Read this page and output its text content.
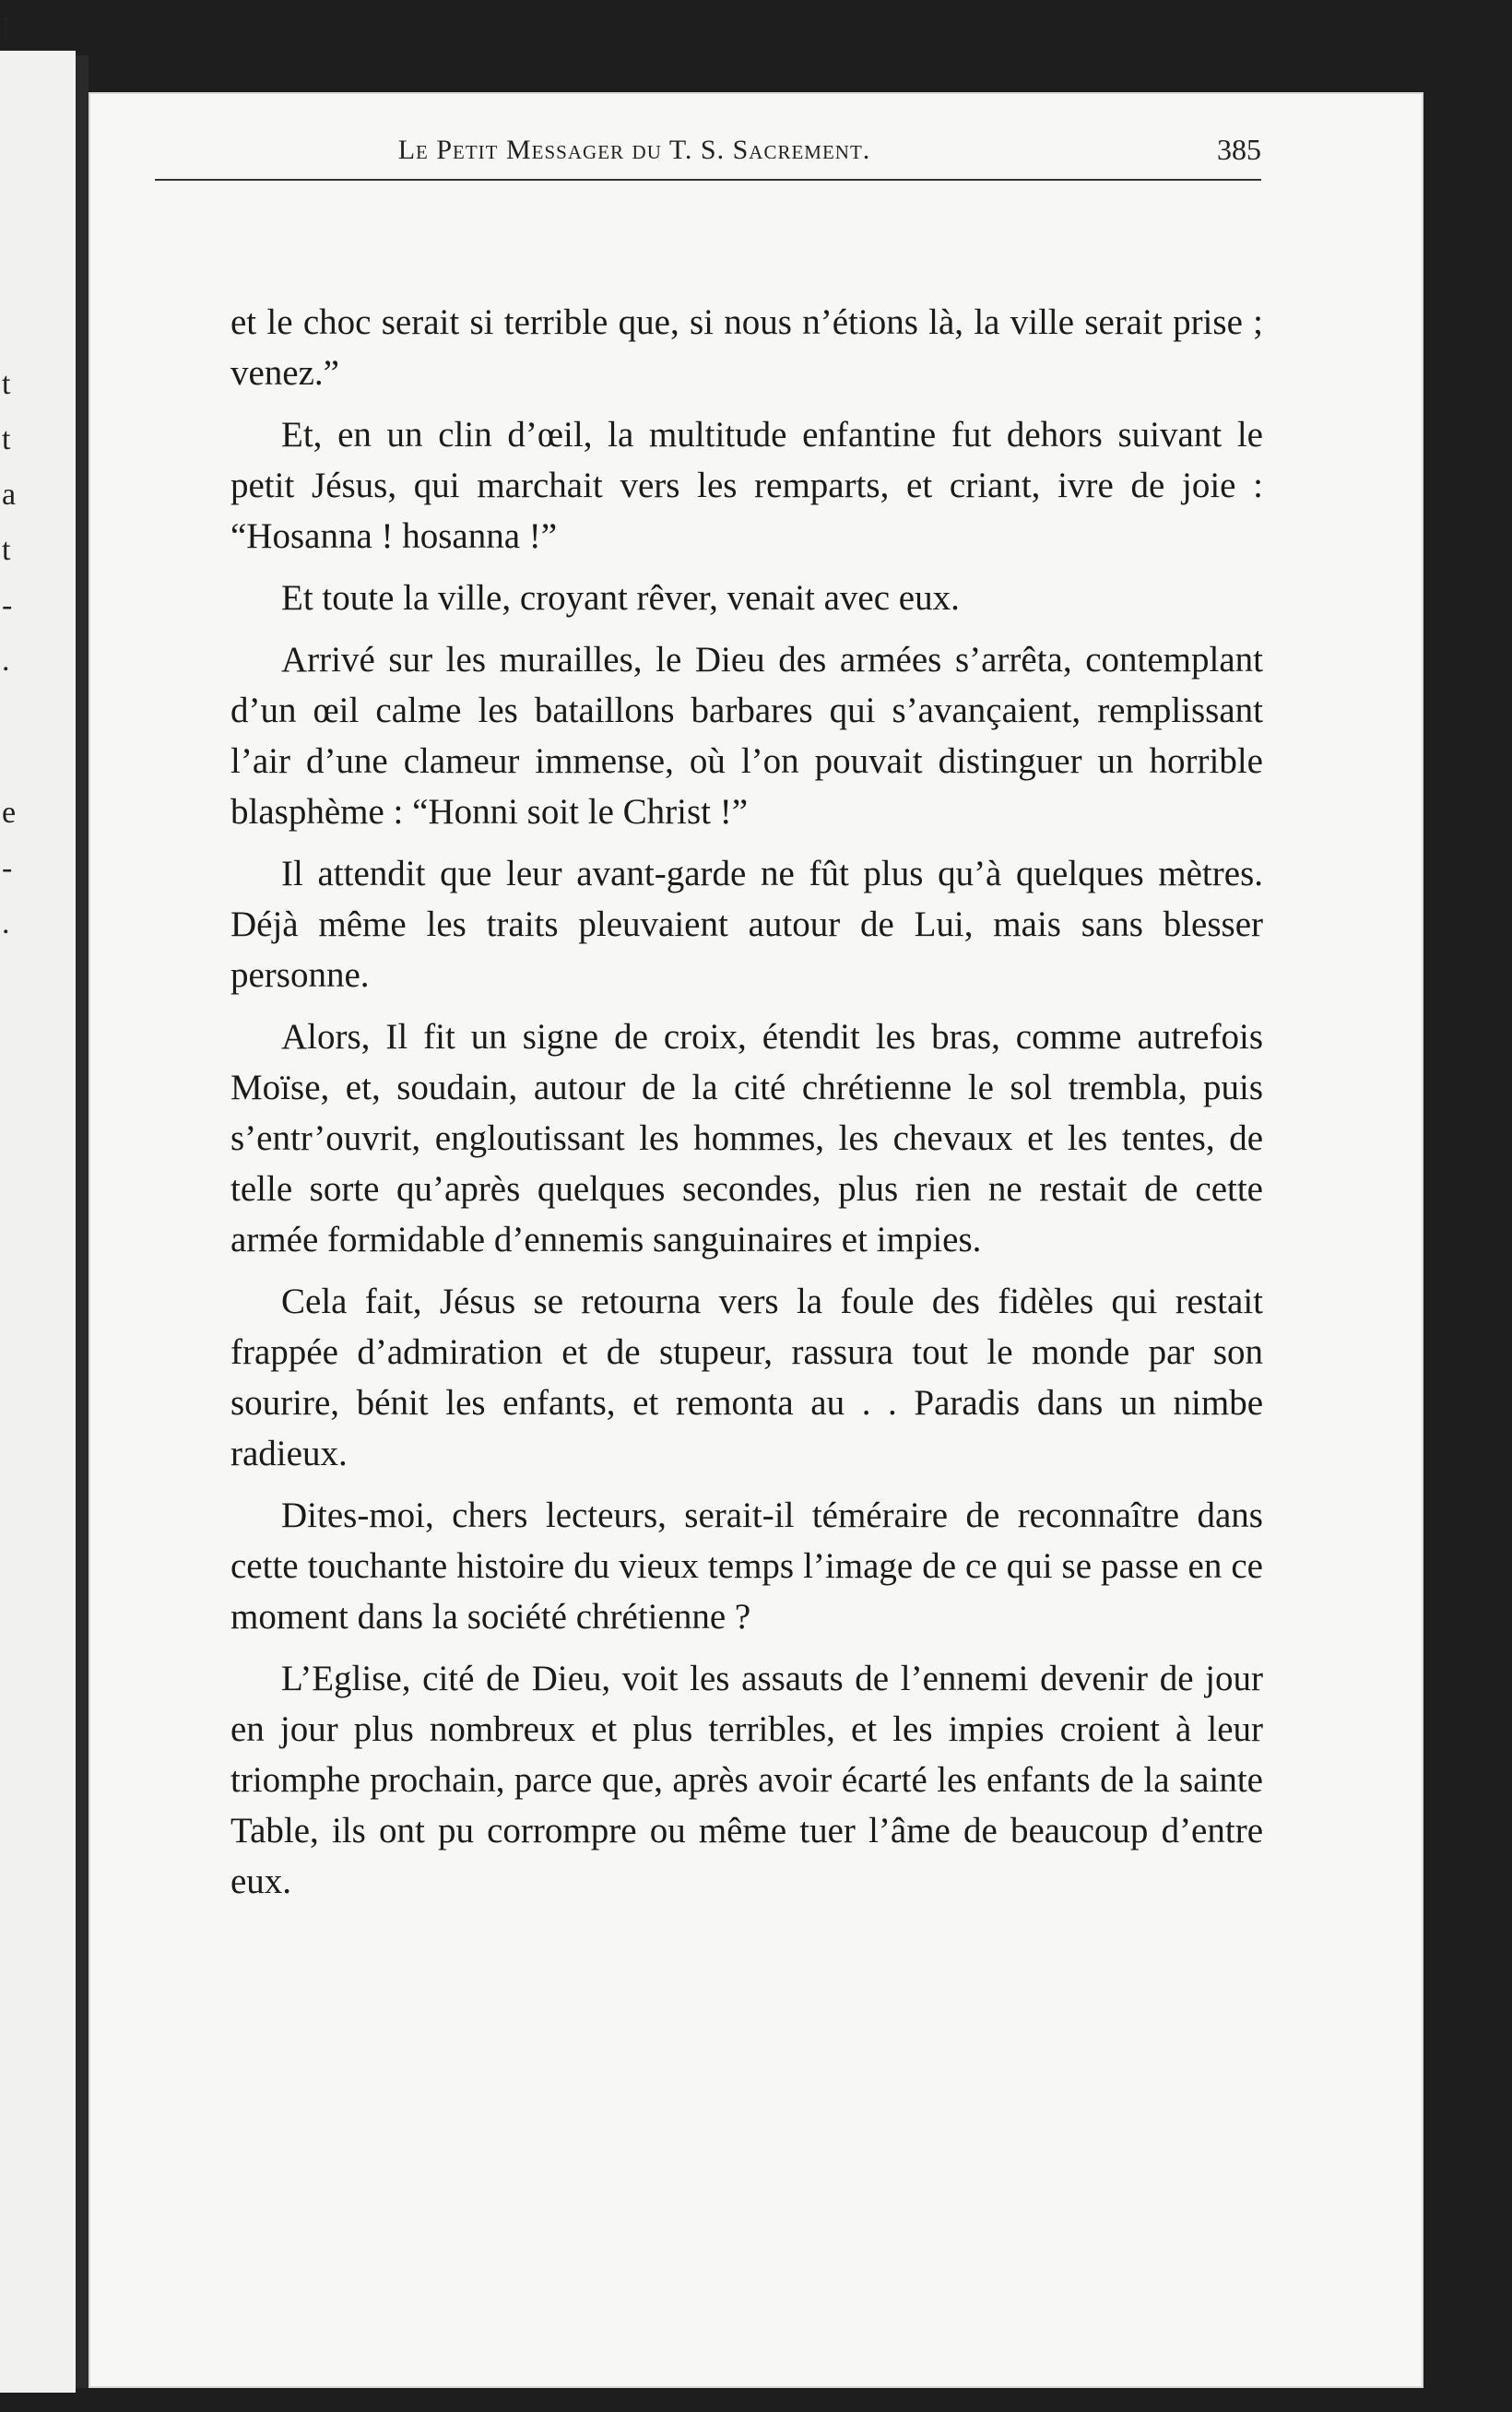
l
t
t
a
t
-
.
e
-
.
Le Petit Messager du T. S. Sacrement.	385

et le choc serait si terrible que, si nous n’étions là, la ville serait prise ; venez.”

Et, en un clin d’œil, la multitude enfantine fut dehors suivant le petit Jésus, qui marchait vers les remparts, et criant, ivre de joie : “Hosanna ! hosanna !”

Et toute la ville, croyant rêver, venait avec eux.

Arrivé sur les murailles, le Dieu des armées s’arrêta, contemplant d’un œil calme les bataillons barbares qui s’avançaient, remplissant l’air d’une clameur immense, où l’on pouvait distinguer un horrible blasphème : “Honni soit le Christ !”

Il attendit que leur avant-garde ne fût plus qu’à quelques mètres. Déjà même les traits pleuvaient autour de Lui, mais sans blesser personne.

Alors, Il fit un signe de croix, étendit les bras, comme autrefois Moïse, et, soudain, autour de la cité chrétienne le sol trembla, puis s’entr’ouvrit, engloutissant les hommes, les chevaux et les tentes, de telle sorte qu’après quelques secondes, plus rien ne restait de cette armée formidable d’ennemis sanguinaires et impies.

Cela fait, Jésus se retourna vers la foule des fidèles qui restait frappée d’admiration et de stupeur, rassura tout le monde par son sourire, bénit les enfants, et remonta au . . Paradis dans un nimbe radieux.

Dites-moi, chers lecteurs, serait-il téméraire de reconnaître dans cette touchante histoire du vieux temps l’image de ce qui se passe en ce moment dans la société chrétienne ?

L’Eglise, cité de Dieu, voit les assauts de l’ennemi devenir de jour en jour plus nombreux et plus terribles, et les impies croient à leur triomphe prochain, parce que, après avoir écarté les enfants de la sainte Table, ils ont pu corrompre ou même tuer l’âme de beaucoup d’entre eux.
